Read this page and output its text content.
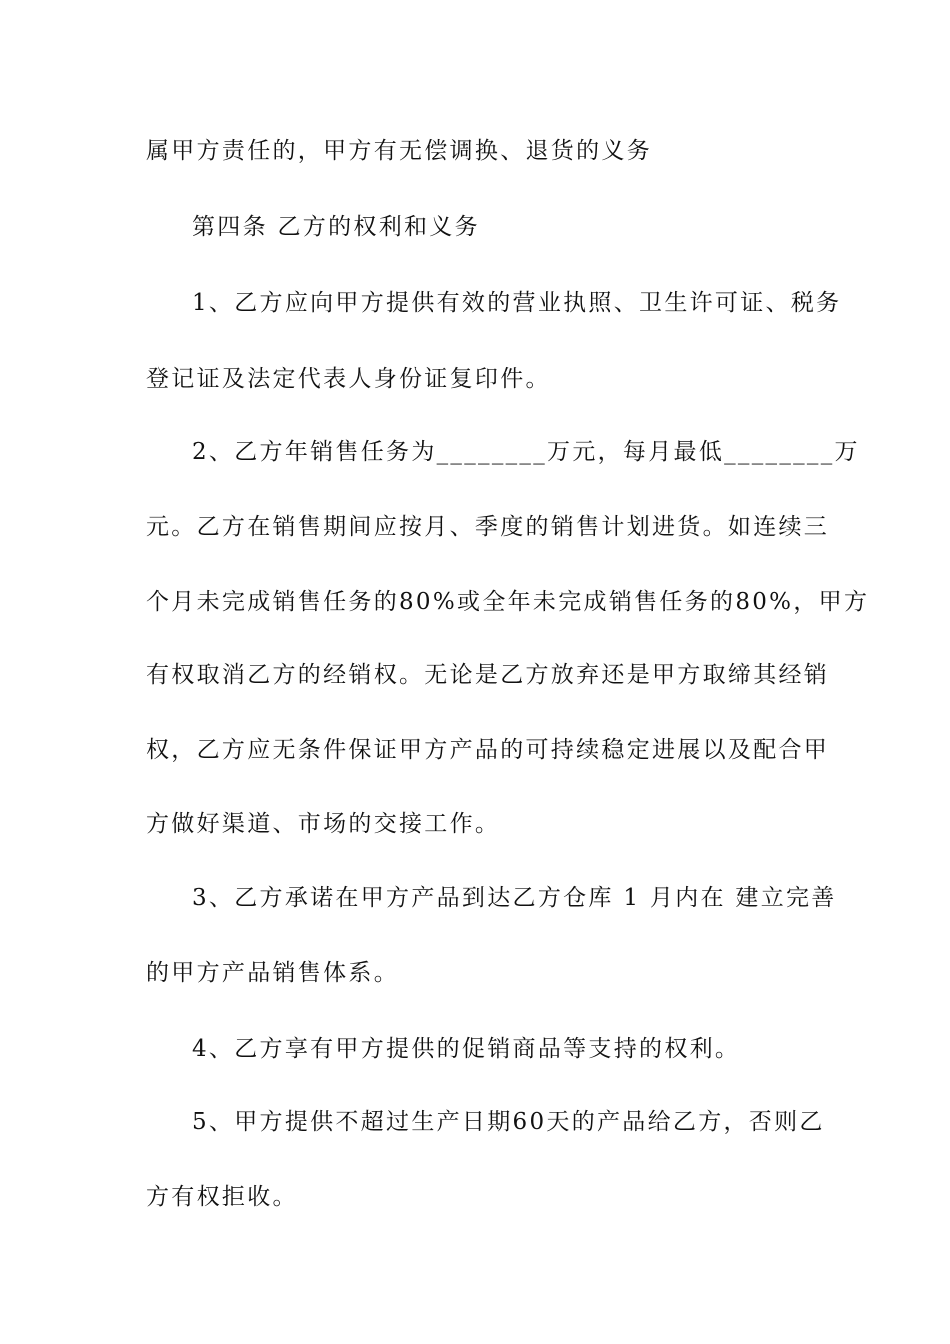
属甲方责任的，甲方有无偿调换、退货的义务
第四条 乙方的权利和义务
1、乙方应向甲方提供有效的营业执照、卫生许可证、税务
登记证及法定代表人身份证复印件。
2、乙方年销售任务为________万元，每月最低________万
元。乙方在销售期间应按月、季度的销售计划进货。如连续三
个月未完成销售任务的80%或全年未完成销售任务的80%，甲方
有权取消乙方的经销权。无论是乙方放弃还是甲方取缔其经销
权，乙方应无条件保证甲方产品的可持续稳定进展以及配合甲
方做好渠道、市场的交接工作。
3、乙方承诺在甲方产品到达乙方仓库 1 月内在 建立完善
的甲方产品销售体系。
4、乙方享有甲方提供的促销商品等支持的权利。
5、甲方提供不超过生产日期60天的产品给乙方，否则乙
方有权拒收。
